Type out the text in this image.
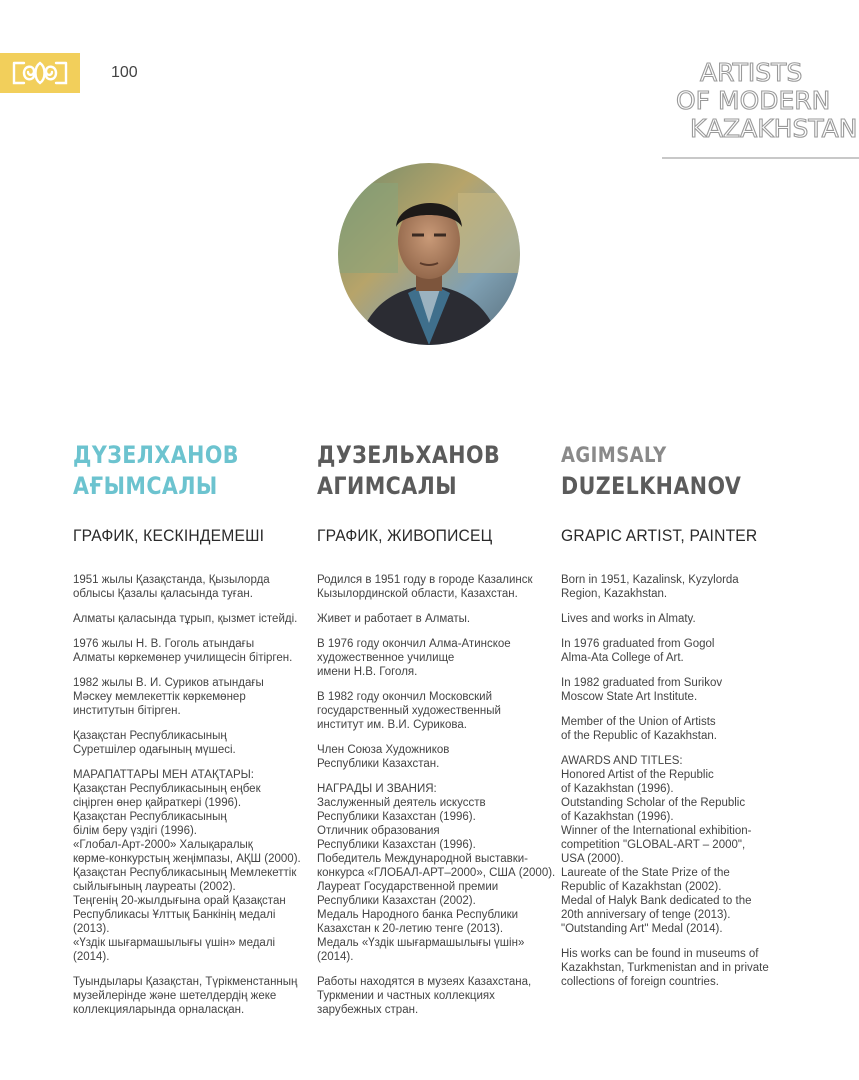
100	ARTISTS
OF MODERN
KAZAKHSTAN
ДҮЗЕЛХАНОВ
АҒЫМСАЛЫ
ГРАФИК, КЕСКІНДЕМЕШІ

1951 жылы Қазақстанда, Қызылорда
облысы Қазалы қаласында туған.

Алматы қаласында тұрып, қызмет істейді.

1976 жылы Н. В. Гоголь атындағы
Алматы көркемөнер училищесін бітірген.

1982 жылы В. И. Суриков атындағы
Мәскеу мемлекеттік көркемөнер
институтын бітірген.

Қазақстан Республикасының
Суретшілер одағының мүшесі.

МАРАПАТТАРЫ МЕН АТАҚТАРЫ:
Қазақстан Республикасының еңбек
сіңірген өнер қайраткері (1996).
Қазақстан Республикасының
білім беру үздігі (1996).
«Глобал-Арт-2000» Халықаралық
көрме-конкурстың жеңімпазы, АҚШ (2000).
Қазақстан Республикасының Мемлекеттік
сыйлығының лауреаты (2002).
Теңгенің 20-жылдығына орай Қазақстан
Республикасы Ұлттық Банкінің медалі (2013).
«Үздік шығармашылығы үшін» медалі (2014).

Туындылары Қазақстан, Түрікменстанның
музейлерінде және шетелдердің жеке
коллекцияларында орналасқан.

ДУЗЕЛЬХАНОВ
АГИМСАЛЫ
ГРАФИК, ЖИВОПИСЕЦ

Родился в 1951 году в городе Казалинск
Кызылординской области, Казахстан.

Живет и работает в Алматы.

В 1976 году окончил Алма-Атинское
художественное училище
имени Н.В. Гоголя.

В 1982 году окончил Московский
государственный художественный
институт им. В.И. Сурикова.

Член Союза Художников
Республики Казахстан.

НАГРАДЫ И ЗВАНИЯ:
Заслуженный деятель искусств
Республики Казахстан (1996).
Отличник образования
Республики Казахстан (1996).
Победитель Международной выставки-
конкурса «ГЛОБАЛ-АРТ–2000», США (2000).
Лауреат Государственной премии
Республики Казахстан (2002).
Медаль Народного банка Республики
Казахстан к 20-летию тенге (2013).
Медаль «Үздік шығармашылығы үшін» (2014).

Работы находятся в музеях Казахстана,
Туркмении и частных коллекциях
зарубежных стран.

AGIMSALY
DUZELKHANOV
GRAPIC ARTIST, PAINTER

Born in 1951, Kazalinsk, Kyzylorda
Region, Kazakhstan.

Lives and works in Almaty.

In 1976 graduated from Gogol
Alma-Ata College of Art.

In 1982 graduated from Surikov
Moscow State Art Institute.

Member of the Union of Artists
of the Republic of Kazakhstan.

AWARDS AND TITLES:
Honored Artist of the Republic
of Kazakhstan (1996).
Outstanding Scholar of the Republic
of Kazakhstan (1996).
Winner of the International exhibition-
competition "GLOBAL-ART – 2000",
USA (2000).
Laureate of the State Prize of the
Republic of Kazakhstan (2002).
Medal of Halyk Bank dedicated to the
20th anniversary of tenge (2013).
"Outstanding Art" Medal (2014).

His works can be found in museums of
Kazakhstan, Turkmenistan and in private
collections of foreign countries.
